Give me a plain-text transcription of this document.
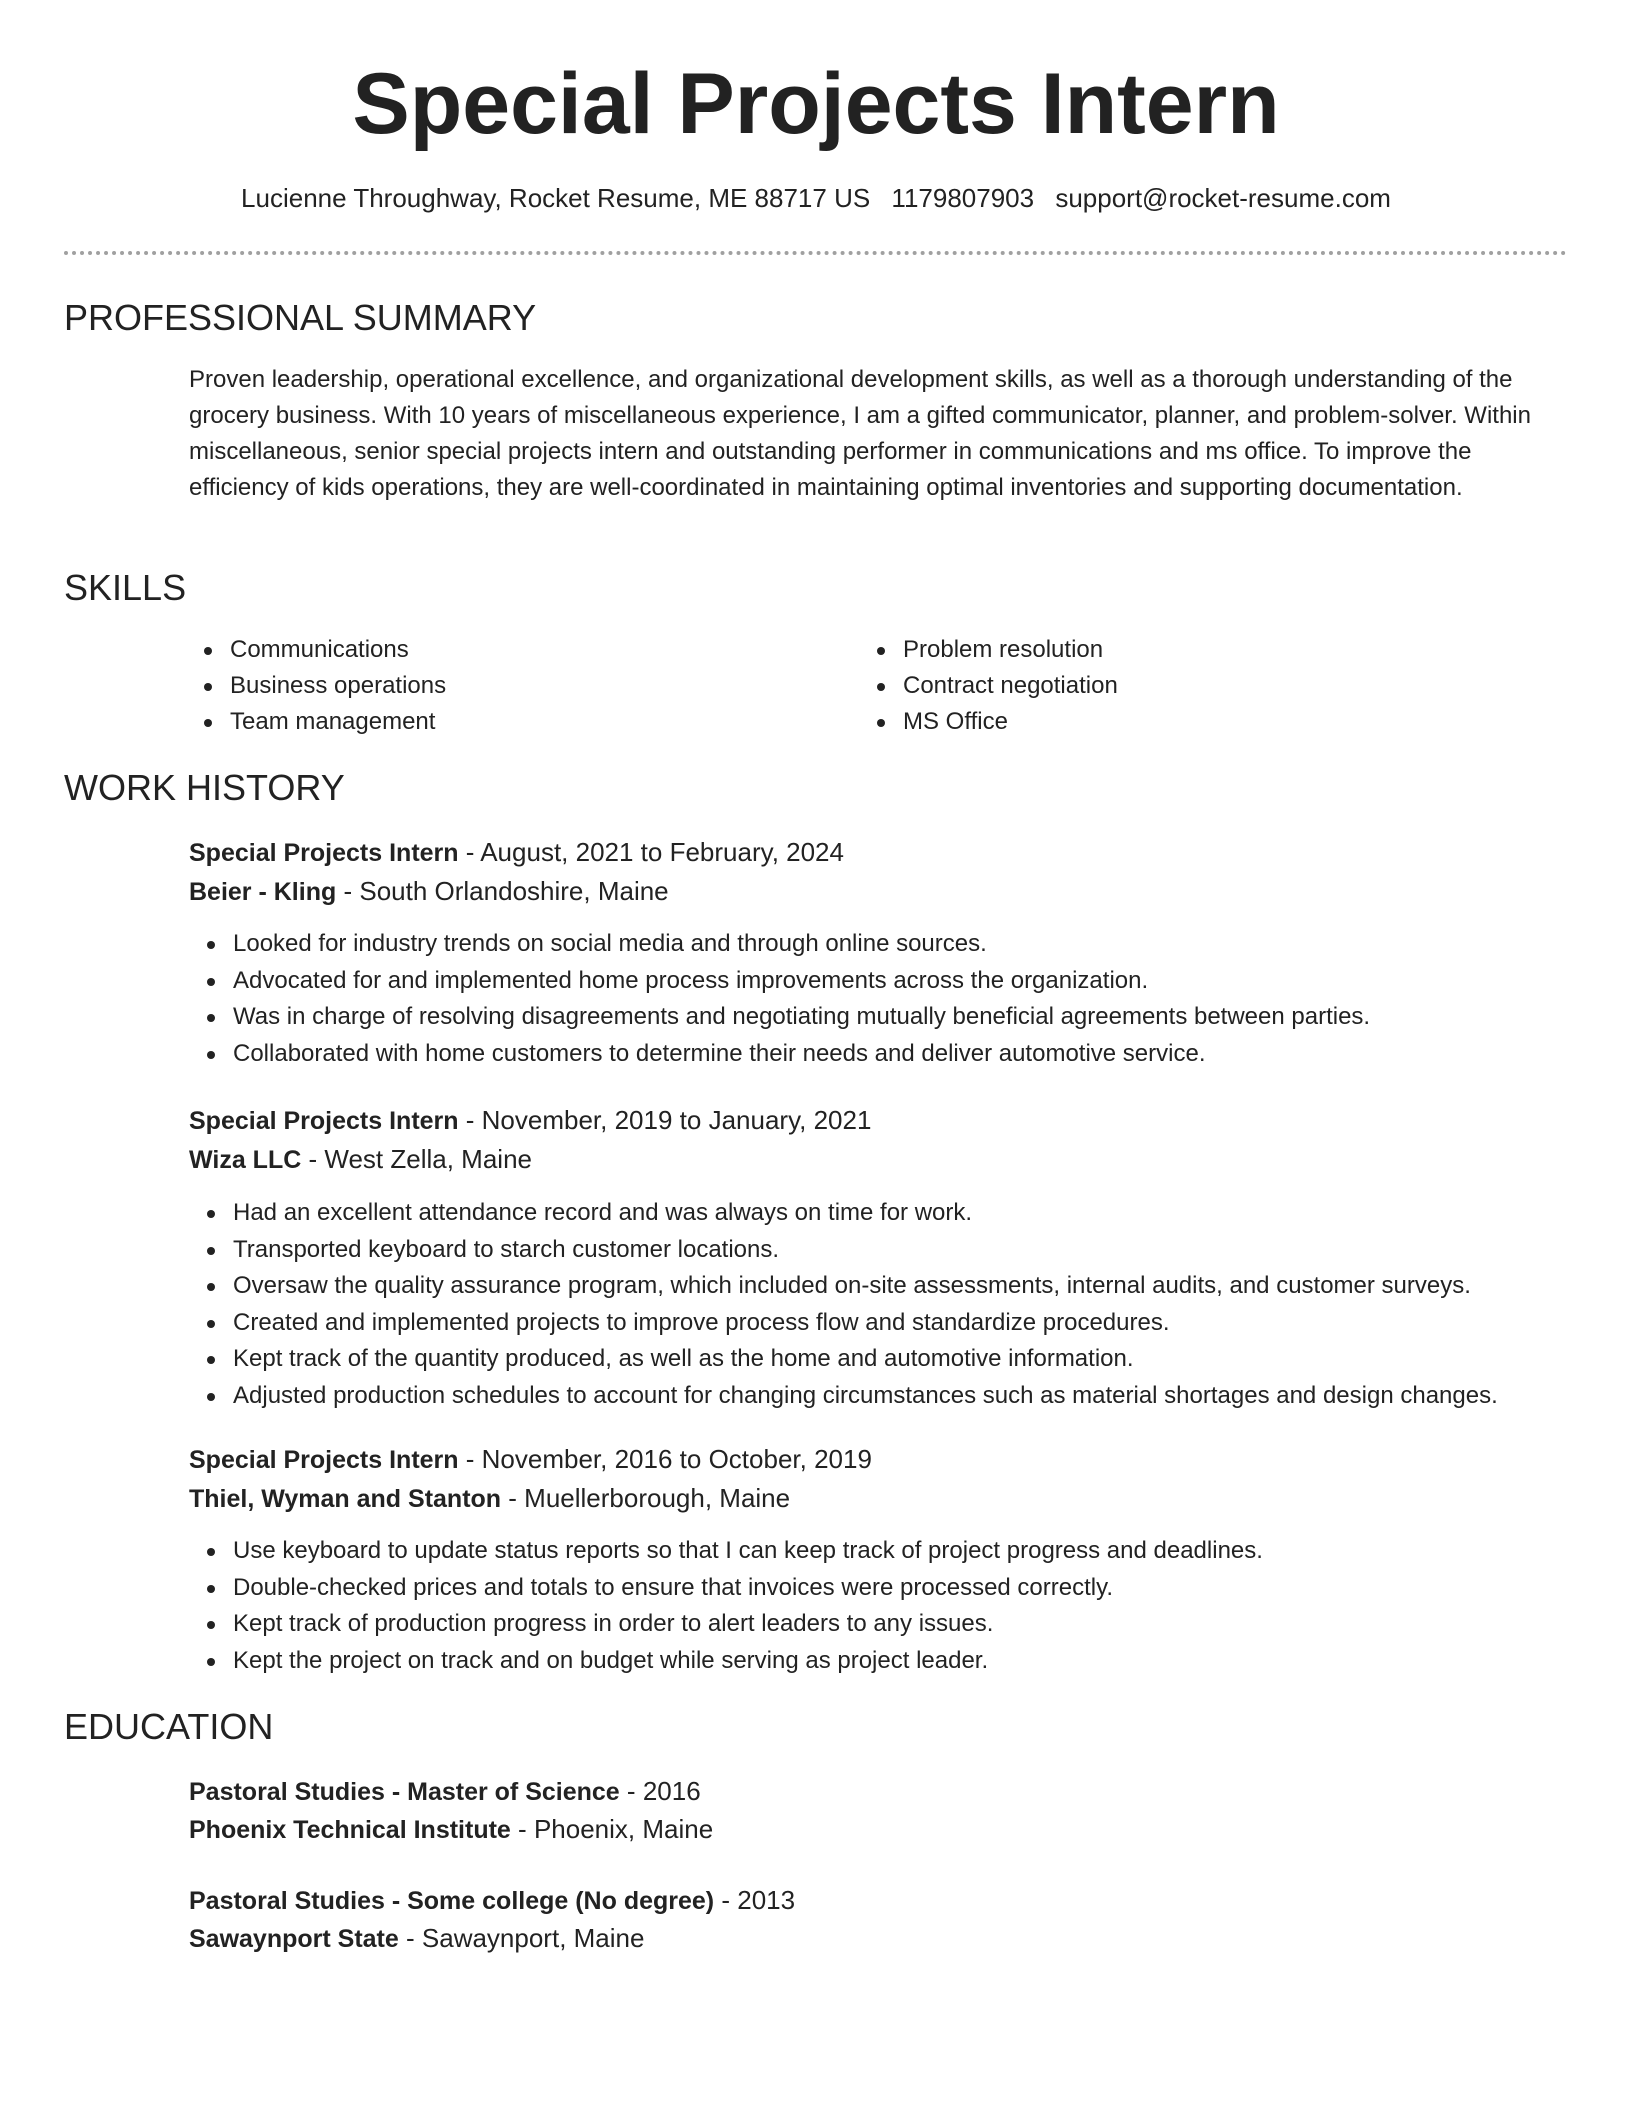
Special Projects Intern
Lucienne Throughway, Rocket Resume, ME 88717 US 1179807903 support@rocket-resume.com
PROFESSIONAL SUMMARY
Proven leadership, operational excellence, and organizational development skills, as well as a thorough understanding of the grocery business. With 10 years of miscellaneous experience, I am a gifted communicator, planner, and problem-solver. Within miscellaneous, senior special projects intern and outstanding performer in communications and ms office. To improve the efficiency of kids operations, they are well-coordinated in maintaining optimal inventories and supporting documentation.
SKILLS
Communications
Business operations
Team management
Problem resolution
Contract negotiation
MS Office
WORK HISTORY
Special Projects Intern - August, 2021 to February, 2024
Beier - Kling - South Orlandoshire, Maine
Looked for industry trends on social media and through online sources.
Advocated for and implemented home process improvements across the organization.
Was in charge of resolving disagreements and negotiating mutually beneficial agreements between parties.
Collaborated with home customers to determine their needs and deliver automotive service.
Special Projects Intern - November, 2019 to January, 2021
Wiza LLC - West Zella, Maine
Had an excellent attendance record and was always on time for work.
Transported keyboard to starch customer locations.
Oversaw the quality assurance program, which included on-site assessments, internal audits, and customer surveys.
Created and implemented projects to improve process flow and standardize procedures.
Kept track of the quantity produced, as well as the home and automotive information.
Adjusted production schedules to account for changing circumstances such as material shortages and design changes.
Special Projects Intern - November, 2016 to October, 2019
Thiel, Wyman and Stanton - Muellerborough, Maine
Use keyboard to update status reports so that I can keep track of project progress and deadlines.
Double-checked prices and totals to ensure that invoices were processed correctly.
Kept track of production progress in order to alert leaders to any issues.
Kept the project on track and on budget while serving as project leader.
EDUCATION
Pastoral Studies - Master of Science - 2016
Phoenix Technical Institute - Phoenix, Maine
Pastoral Studies - Some college (No degree) - 2013
Sawaynport State - Sawaynport, Maine
